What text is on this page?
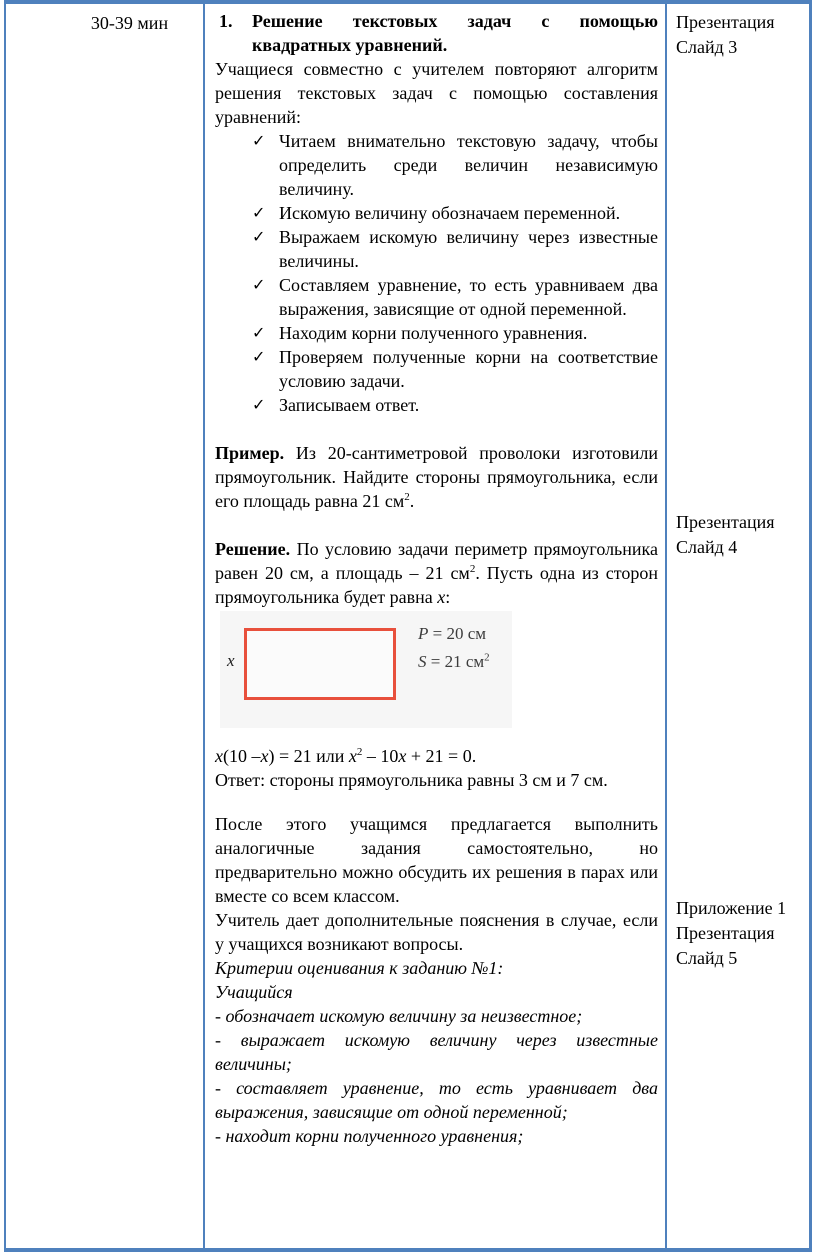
30-39 мин	1. Решение текстовых задач с помощью квадратных уравнений.

Учащиеся совместно с учителем повторяют алгоритм решения текстовых задач с помощью составления уравнений:

✓ Читаем внимательно текстовую задачу, чтобы определить среди величин независимую величину.
✓ Искомую величину обозначаем переменной.
✓ Выражаем искомую величину через известные величины.
✓ Составляем уравнение, то есть уравниваем два выражения, зависящие от одной переменной.
✓ Находим корни полученного уравнения.
✓ Проверяем полученные корни на соответствие условию задачи.
✓ Записываем ответ.

Пример. Из 20-сантиметровой проволоки изготовили прямоугольник. Найдите стороны прямоугольника, если его площадь равна 21 $см^2$.

Решение. По условию задачи периметр прямоугольника равен 20 см, а площадь – 21 $см^2$. Пусть одна из сторон прямоугольника будет равна x:

x
P = 20 см
S = 21 $см^2$

x(10 –x) = 21 или $x^2 - 10x + 21 = 0$.

Ответ: стороны прямоугольника равны 3 см и 7 см.

После этого учащимся предлагается выполнить аналогичные задания самостоятельно, но предварительно можно обсудить их решения в парах или вместе со всем классом.

Учитель дает дополнительные пояснения в случае, если у учащихся возникают вопросы.

Критерии оценивания к заданию №1:

Учащийся

- обозначает искомую величину за неизвестное;

- выражает искомую величину через известные величины;

- составляет уравнение, то есть уравнивает два выражения, зависящие от одной переменной;

- находит корни полученного уравнения;

Презентация
Слайд 3
Презентация
Слайд 4
Приложение 1
Презентация
Слайд 5
